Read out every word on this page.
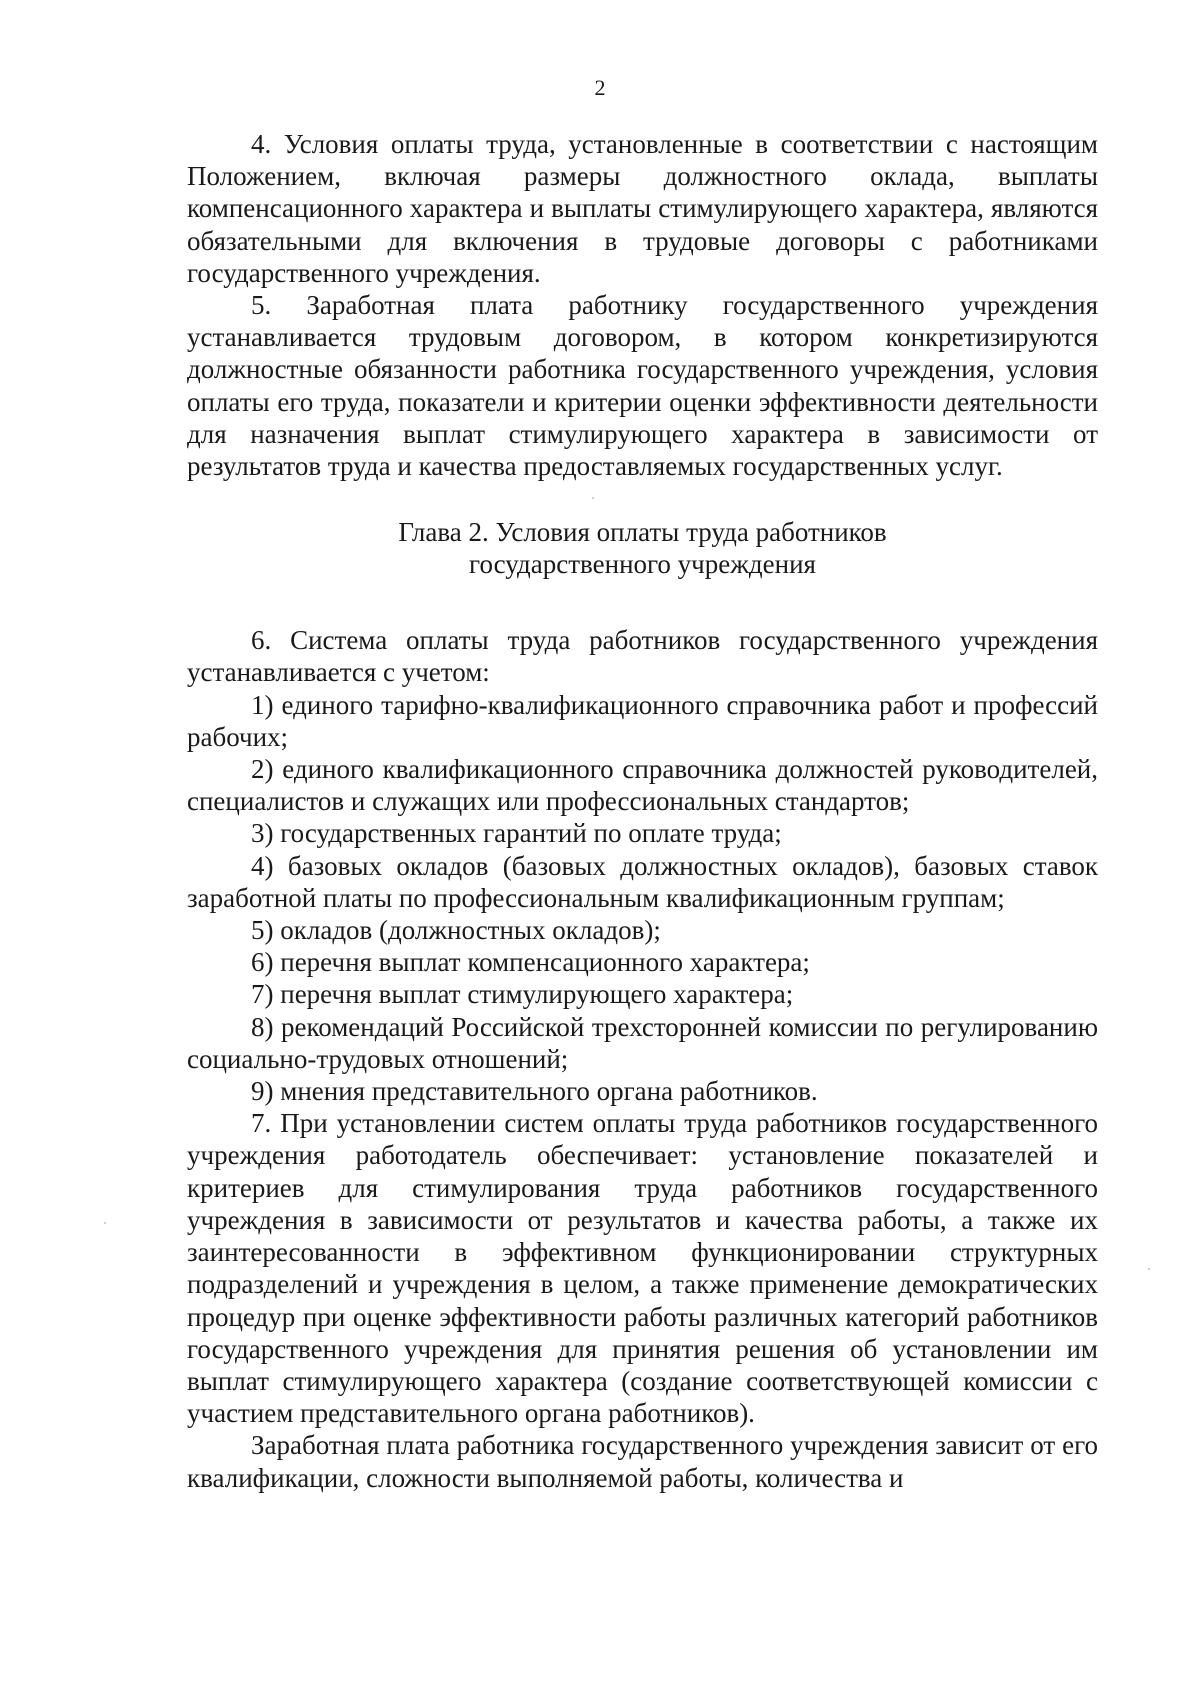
2

4. Условия оплаты труда, установленные в соответствии с настоящим Положением, включая размеры должностного оклада, выплаты компенсационного характера и выплаты стимулирующего характера, являются обязательными для включения в трудовые договоры с работниками государственного учреждения.

5. Заработная плата работнику государственного учреждения устанавливается трудовым договором, в котором конкретизируются должностные обязанности работника государственного учреждения, условия оплаты его труда, показатели и критерии оценки эффективности деятельности для назначения выплат стимулирующего характера в зависимости от результатов труда и качества предоставляемых государственных услуг.

Глава 2. Условия оплаты труда работников
государственного учреждения

6. Система оплаты труда работников государственного учреждения устанавливается с учетом:

1) единого тарифно-квалификационного справочника работ и профессий рабочих;

2) единого квалификационного справочника должностей руководителей, специалистов и служащих или профессиональных стандартов;

3) государственных гарантий по оплате труда;

4) базовых окладов (базовых должностных окладов), базовых ставок заработной платы по профессиональным квалификационным группам;

5) окладов (должностных окладов);

6) перечня выплат компенсационного характера;

7) перечня выплат стимулирующего характера;

8) рекомендаций Российской трехсторонней комиссии по регулированию социально-трудовых отношений;

9) мнения представительного органа работников.

7. При установлении систем оплаты труда работников государственного учреждения работодатель обеспечивает: установление показателей и критериев для стимулирования труда работников государственного учреждения в зависимости от результатов и качества работы, а также их заинтересованности в эффективном функционировании структурных подразделений и учреждения в целом, а также применение демократических процедур при оценке эффективности работы различных категорий работников государственного учреждения для принятия решения об установлении им выплат стимулирующего характера (создание соответствующей комиссии с участием представительного органа работников).

Заработная плата работника государственного учреждения зависит от его квалификации, сложности выполняемой работы, количества и
